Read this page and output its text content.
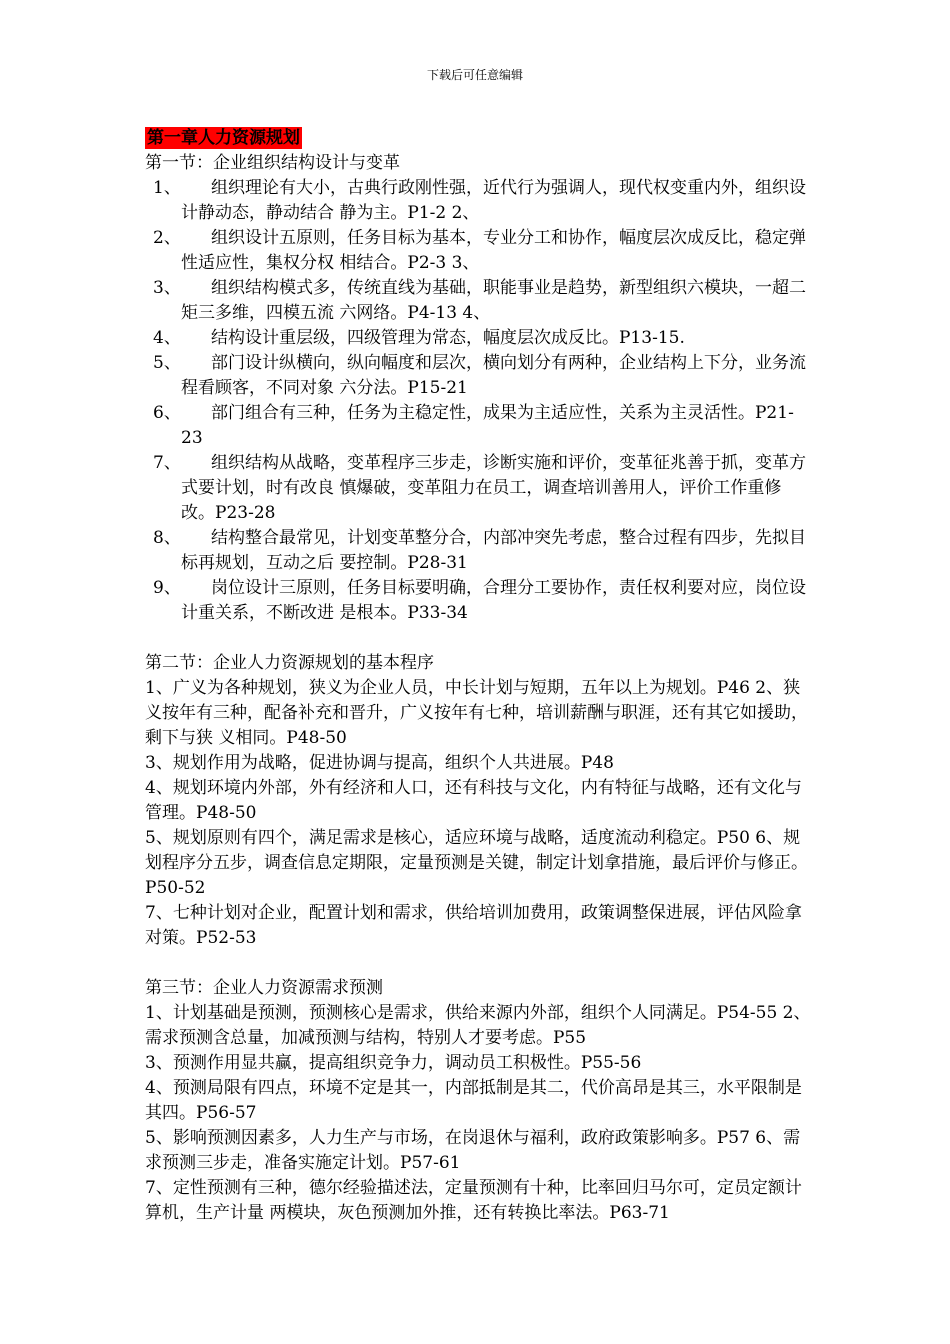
下载后可任意编辑
第一章人力资源规划
第一节：企业组织结构设计与变革
1、	组织理论有大小，古典行政刚性强，近代行为强调人，现代权变重内外，组织设计静动态，静动结合 静为主。P1-2 2、
2、	组织设计五原则，任务目标为基本，专业分工和协作，幅度层次成反比，稳定弹性适应性，集权分权 相结合。P2-3 3、
3、	组织结构模式多，传统直线为基础，职能事业是趋势，新型组织六模块，一超二矩三多维，四模五流 六网络。P4-13 4、
4、	结构设计重层级，四级管理为常态，幅度层次成反比。P13-15.
5、	部门设计纵横向，纵向幅度和层次，横向划分有两种，企业结构上下分，业务流程看顾客，不同对象 六分法。P15-21
6、	部门组合有三种，任务为主稳定性，成果为主适应性，关系为主灵活性。P21-23
7、	组织结构从战略，变革程序三步走，诊断实施和评价，变革征兆善于抓，变革方式要计划，时有改良 慎爆破，变革阻力在员工，调查培训善用人，评价工作重修改。P23-28
8、	结构整合最常见，计划变革整分合，内部冲突先考虑，整合过程有四步，先拟目标再规划，互动之后 要控制。P28-31
9、	岗位设计三原则，任务目标要明确，合理分工要协作，责任权利要对应，岗位设计重关系，不断改进 是根本。P33-34
第二节：企业人力资源规划的基本程序

1、广义为各种规划，狭义为企业人员，中长计划与短期，五年以上为规划。P46 2、狭义按年有三种，配备补充和晋升，广义按年有七种，培训薪酬与职涯，还有其它如援助，剩下与狭 义相同。P48-50

3、规划作用为战略，促进协调与提高，组织个人共进展。P48

4、规划环境内外部，外有经济和人口，还有科技与文化，内有特征与战略，还有文化与管理。P48-50

5、规划原则有四个，满足需求是核心，适应环境与战略，适度流动利稳定。P50 6、规划程序分五步，调查信息定期限，定量预测是关键，制定计划拿措施，最后评价与修正。P50-52

7、七种计划对企业，配置计划和需求，供给培训加费用，政策调整保进展，评估风险拿对策。P52-53

第三节：企业人力资源需求预测

1、计划基础是预测，预测核心是需求，供给来源内外部，组织个人同满足。P54-55 2、需求预测含总量，加减预测与结构，特别人才要考虑。P55

3、预测作用显共赢，提高组织竞争力，调动员工积极性。P55-56

4、预测局限有四点，环境不定是其一，内部抵制是其二，代价高昂是其三，水平限制是其四。P56-57

5、影响预测因素多，人力生产与市场，在岗退休与福利，政府政策影响多。P57 6、需求预测三步走，准备实施定计划。P57-61

7、定性预测有三种，德尔经验描述法，定量预测有十种，比率回归马尔可，定员定额计算机，生产计量 两模块，灰色预测加外推，还有转换比率法。P63-71
